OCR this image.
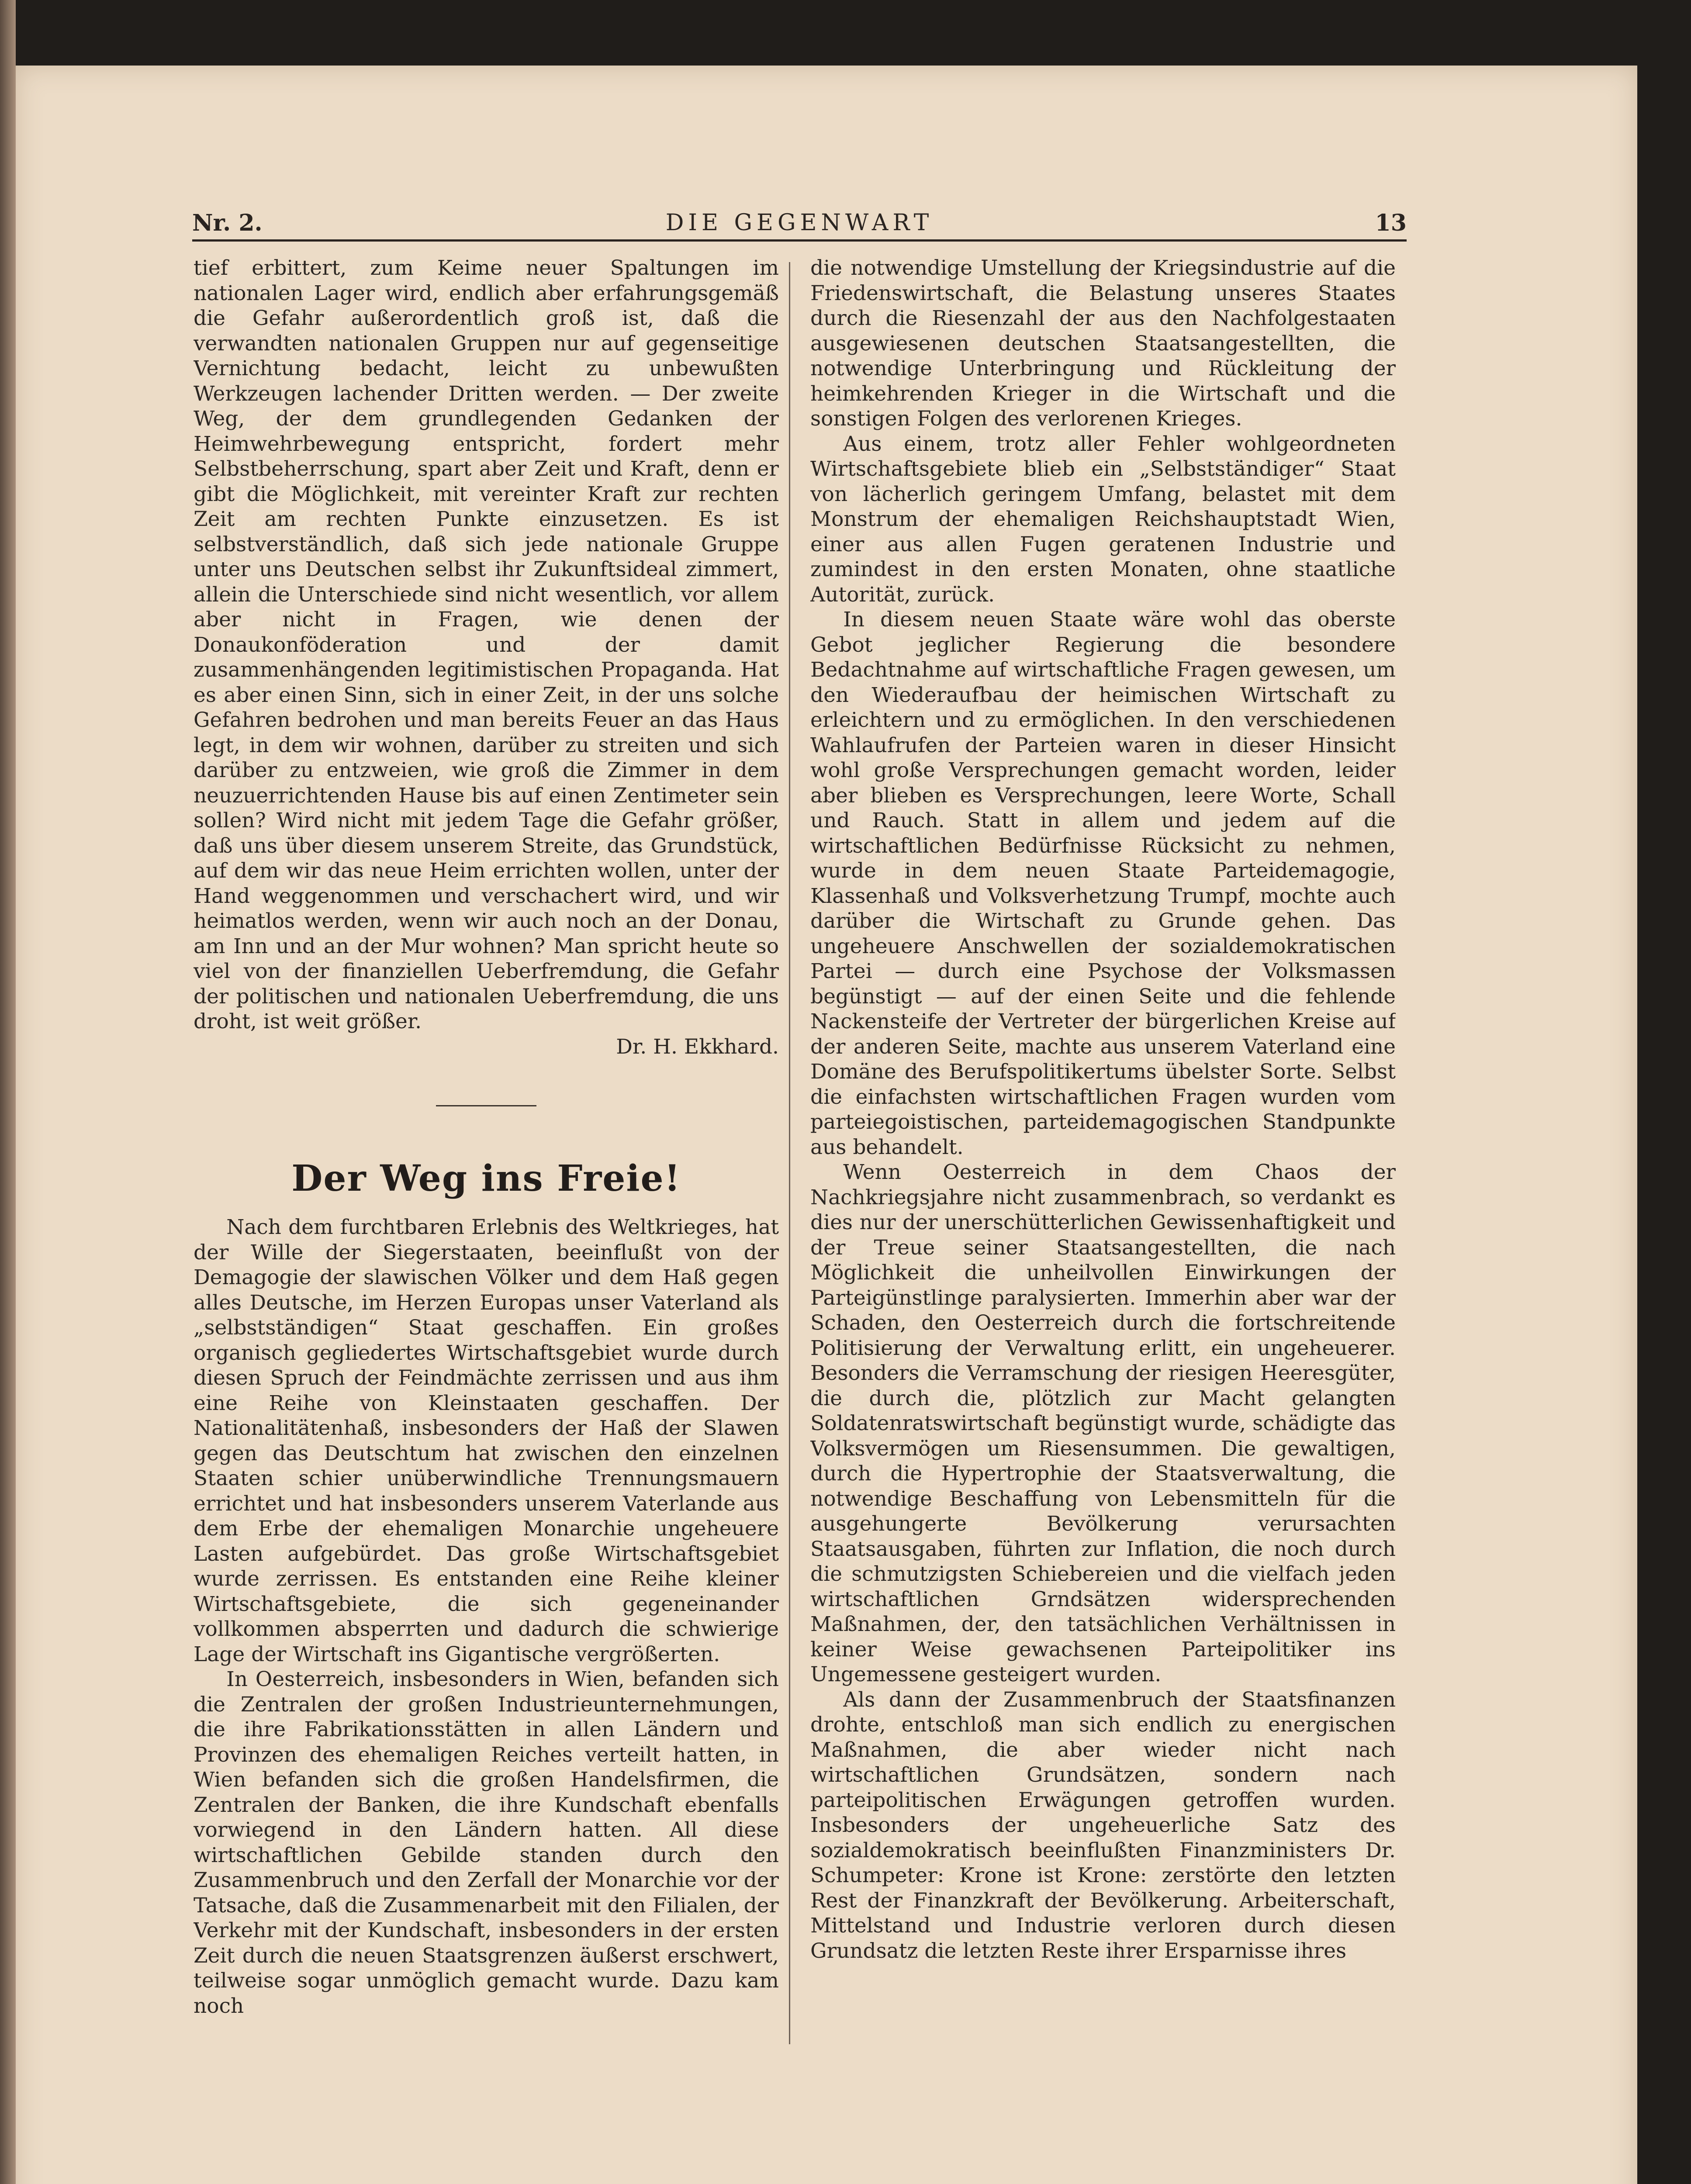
Nr. 2.	DIE GEGENWART	13

tief erbittert, zum Keime neuer Spaltungen im nationalen Lager wird, endlich aber erfahrungsgemäß die Gefahr außerordentlich groß ist, daß die verwandten nationalen Gruppen nur auf gegenseitige Vernichtung bedacht, leicht zu unbewußten Werkzeugen lachender Dritten werden. — Der zweite Weg, der dem grundlegenden Gedanken der Heimwehrbewegung entspricht, fordert mehr Selbstbeherrschung, spart aber Zeit und Kraft, denn er gibt die Möglichkeit, mit vereinter Kraft zur rechten Zeit am rechten Punkte einzusetzen. Es ist selbstverständlich, daß sich jede nationale Gruppe unter uns Deutschen selbst ihr Zukunftsideal zimmert, allein die Unterschiede sind nicht wesentlich, vor allem aber nicht in Fragen, wie denen der Donaukonföderation und der damit zusammenhängenden legitimistischen Propaganda. Hat es aber einen Sinn, sich in einer Zeit, in der uns solche Gefahren bedrohen und man bereits Feuer an das Haus legt, in dem wir wohnen, darüber zu streiten und sich darüber zu entzweien, wie groß die Zimmer in dem neuzuerrichtenden Hause bis auf einen Zentimeter sein sollen? Wird nicht mit jedem Tage die Gefahr größer, daß uns über diesem unserem Streite, das Grundstück, auf dem wir das neue Heim errichten wollen, unter der Hand weggenommen und verschachert wird, und wir heimatlos werden, wenn wir auch noch an der Donau, am Inn und an der Mur wohnen? Man spricht heute so viel von der finanziellen Ueberfremdung, die Gefahr der politischen und nationalen Ueberfremdung, die uns droht, ist weit größer.

Dr. H. Ekkhard.
Der Weg ins Freie!

Nach dem furchtbaren Erlebnis des Weltkrieges, hat der Wille der Siegerstaaten, beeinflußt von der Demagogie der slawischen Völker und dem Haß gegen alles Deutsche, im Herzen Europas unser Vaterland als „selbstständigen“ Staat geschaffen. Ein großes organisch gegliedertes Wirtschaftsgebiet wurde durch diesen Spruch der Feindmächte zerrissen und aus ihm eine Reihe von Kleinstaaten geschaffen. Der Nationalitätenhaß, insbesonders der Haß der Slawen gegen das Deutschtum hat zwischen den einzelnen Staaten schier unüberwindliche Trennungsmauern errichtet und hat insbesonders unserem Vaterlande aus dem Erbe der ehemaligen Monarchie ungeheuere Lasten aufgebürdet. Das große Wirtschaftsgebiet wurde zerrissen. Es entstanden eine Reihe kleiner Wirtschaftsgebiete, die sich gegeneinander vollkommen absperrten und dadurch die schwierige Lage der Wirtschaft ins Gigantische vergrößerten.

In Oesterreich, insbesonders in Wien, befanden sich die Zentralen der großen Industrieunternehmungen, die ihre Fabrikationsstätten in allen Ländern und Provinzen des ehemaligen Reiches verteilt hatten, in Wien befanden sich die großen Handelsfirmen, die Zentralen der Banken, die ihre Kundschaft ebenfalls vorwiegend in den Ländern hatten. All diese wirtschaftlichen Gebilde standen durch den Zusammenbruch und den Zerfall der Monarchie vor der Tatsache, daß die Zusammenarbeit mit den Filialen, der Verkehr mit der Kundschaft, insbesonders in der ersten Zeit durch die neuen Staatsgrenzen äußerst erschwert, teilweise sogar unmöglich gemacht wurde. Dazu kam noch

die notwendige Umstellung der Kriegsindustrie auf die Friedenswirtschaft, die Belastung unseres Staates durch die Riesenzahl der aus den Nachfolgestaaten ausgewiesenen deutschen Staatsangestellten, die notwendige Unterbringung und Rückleitung der heimkehrenden Krieger in die Wirtschaft und die sonstigen Folgen des verlorenen Krieges.

Aus einem, trotz aller Fehler wohlgeordneten Wirtschaftsgebiete blieb ein „Selbstständiger“ Staat von lächerlich geringem Umfang, belastet mit dem Monstrum der ehemaligen Reichshauptstadt Wien, einer aus allen Fugen geratenen Industrie und zumindest in den ersten Monaten, ohne staatliche Autorität, zurück.

In diesem neuen Staate wäre wohl das oberste Gebot jeglicher Regierung die besondere Bedachtnahme auf wirtschaftliche Fragen gewesen, um den Wiederaufbau der heimischen Wirtschaft zu erleichtern und zu ermöglichen. In den verschiedenen Wahlaufrufen der Parteien waren in dieser Hinsicht wohl große Versprechungen gemacht worden, leider aber blieben es Versprechungen, leere Worte, Schall und Rauch. Statt in allem und jedem auf die wirtschaftlichen Bedürfnisse Rücksicht zu nehmen, wurde in dem neuen Staate Parteidemagogie, Klassenhaß und Volksverhetzung Trumpf, mochte auch darüber die Wirtschaft zu Grunde gehen. Das ungeheuere Anschwellen der sozialdemokratischen Partei — durch eine Psychose der Volksmassen begünstigt — auf der einen Seite und die fehlende Nackensteife der Vertreter der bürgerlichen Kreise auf der anderen Seite, machte aus unserem Vaterland eine Domäne des Berufspolitikertums übelster Sorte. Selbst die einfachsten wirtschaftlichen Fragen wurden vom parteiegoistischen, parteidemagogischen Standpunkte aus behandelt.

Wenn Oesterreich in dem Chaos der Nachkriegsjahre nicht zusammenbrach, so verdankt es dies nur der unerschütterlichen Gewissenhaftigkeit und der Treue seiner Staatsangestellten, die nach Möglichkeit die unheilvollen Einwirkungen der Parteigünstlinge paralysierten. Immerhin aber war der Schaden, den Oesterreich durch die fortschreitende Politisierung der Verwaltung erlitt, ein ungeheuerer. Besonders die Verramschung der riesigen Heeresgüter, die durch die, plötzlich zur Macht gelangten Soldatenratswirtschaft begünstigt wurde, schädigte das Volksvermögen um Riesensummen. Die gewaltigen, durch die Hypertrophie der Staatsverwaltung, die notwendige Beschaffung von Lebensmitteln für die ausgehungerte Bevölkerung verursachten Staatsausgaben, führten zur Inflation, die noch durch die schmutzigsten Schiebereien und die vielfach jeden wirtschaftlichen Grndsätzen widersprechenden Maßnahmen, der, den tatsächlichen Verhältnissen in keiner Weise gewachsenen Parteipolitiker ins Ungemessene gesteigert wurden.

Als dann der Zusammenbruch der Staatsfinanzen drohte, entschloß man sich endlich zu energischen Maßnahmen, die aber wieder nicht nach wirtschaftlichen Grundsätzen, sondern nach parteipolitischen Erwägungen getroffen wurden. Insbesonders der ungeheuerliche Satz des sozialdemokratisch beeinflußten Finanzministers Dr. Schumpeter: Krone ist Krone: zerstörte den letzten Rest der Finanzkraft der Bevölkerung. Arbeiterschaft, Mittelstand und Industrie verloren durch diesen Grundsatz die letzten Reste ihrer Ersparnisse ihres
